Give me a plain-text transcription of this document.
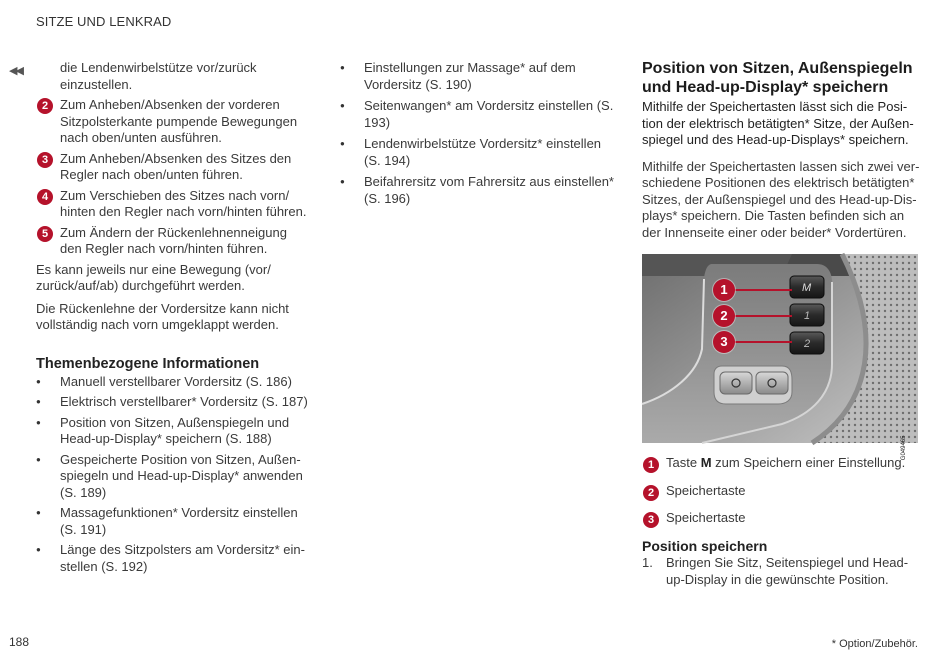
SITZE UND LENKRAD
◀◀	die Lendenwirbelstütze vor/zurück einzustellen.
2 Zum Anheben/Absenken der vorderen Sitzpolsterkante pumpende Bewegungen nach oben/unten ausführen.
3 Zum Anheben/Absenken des Sitzes den Regler nach oben/unten führen.
4 Zum Verschieben des Sitzes nach vorn/ hinten den Regler nach vorn/hinten führen.
5 Zum Ändern der Rückenlehnenneigung den Regler nach vorn/hinten führen.
Es kann jeweils nur eine Bewegung (vor/ zurück/auf/ab) durchgeführt werden.
Die Rückenlehne der Vordersitze kann nicht vollständig nach vorn umgeklappt werden.
Themenbezogene Informationen
● Manuell verstellbarer Vordersitz (S. 186)
● Elektrisch verstellbarer* Vordersitz (S. 187)
● Position von Sitzen, Außenspiegeln und Head-up-Display* speichern (S. 188)
● Gespeicherte Position von Sitzen, Außenspiegeln und Head-up-Display* anwenden (S. 189)
● Massagefunktionen* Vordersitz einstellen (S. 191)
● Länge des Sitzpolsters am Vordersitz* einstellen (S. 192)
● Einstellungen zur Massage* auf dem Vordersitz (S. 190)
● Seitenwangen* am Vordersitz einstellen (S. 193)
● Lendenwirbelstütze Vordersitz* einstellen (S. 194)
● Beifahrersitz vom Fahrersitz aus einstellen* (S. 196)
Position von Sitzen, Außenspiegeln und Head-up-Display* speichern
Mithilfe der Speichertasten lässt sich die Position der elektrisch betätigten* Sitze, der Außenspiegel und des Head-up-Displays* speichern.
Mithilfe der Speichertasten lassen sich zwei verschiedene Positionen des elektrisch betätigten* Sitzes, der Außenspiegel und des Head-up-Displays* speichern. Die Tasten befinden sich an der Innenseite einer oder beider* Vordertüren.
M
1
2
1
2
3
G049465
1 Taste M zum Speichern einer Einstellung.
2 Speichertaste
3 Speichertaste
Position speichern
1. Bringen Sie Sitz, Seitenspiegel und Headup-Display in die gewünschte Position.
188	* Option/Zubehör.
